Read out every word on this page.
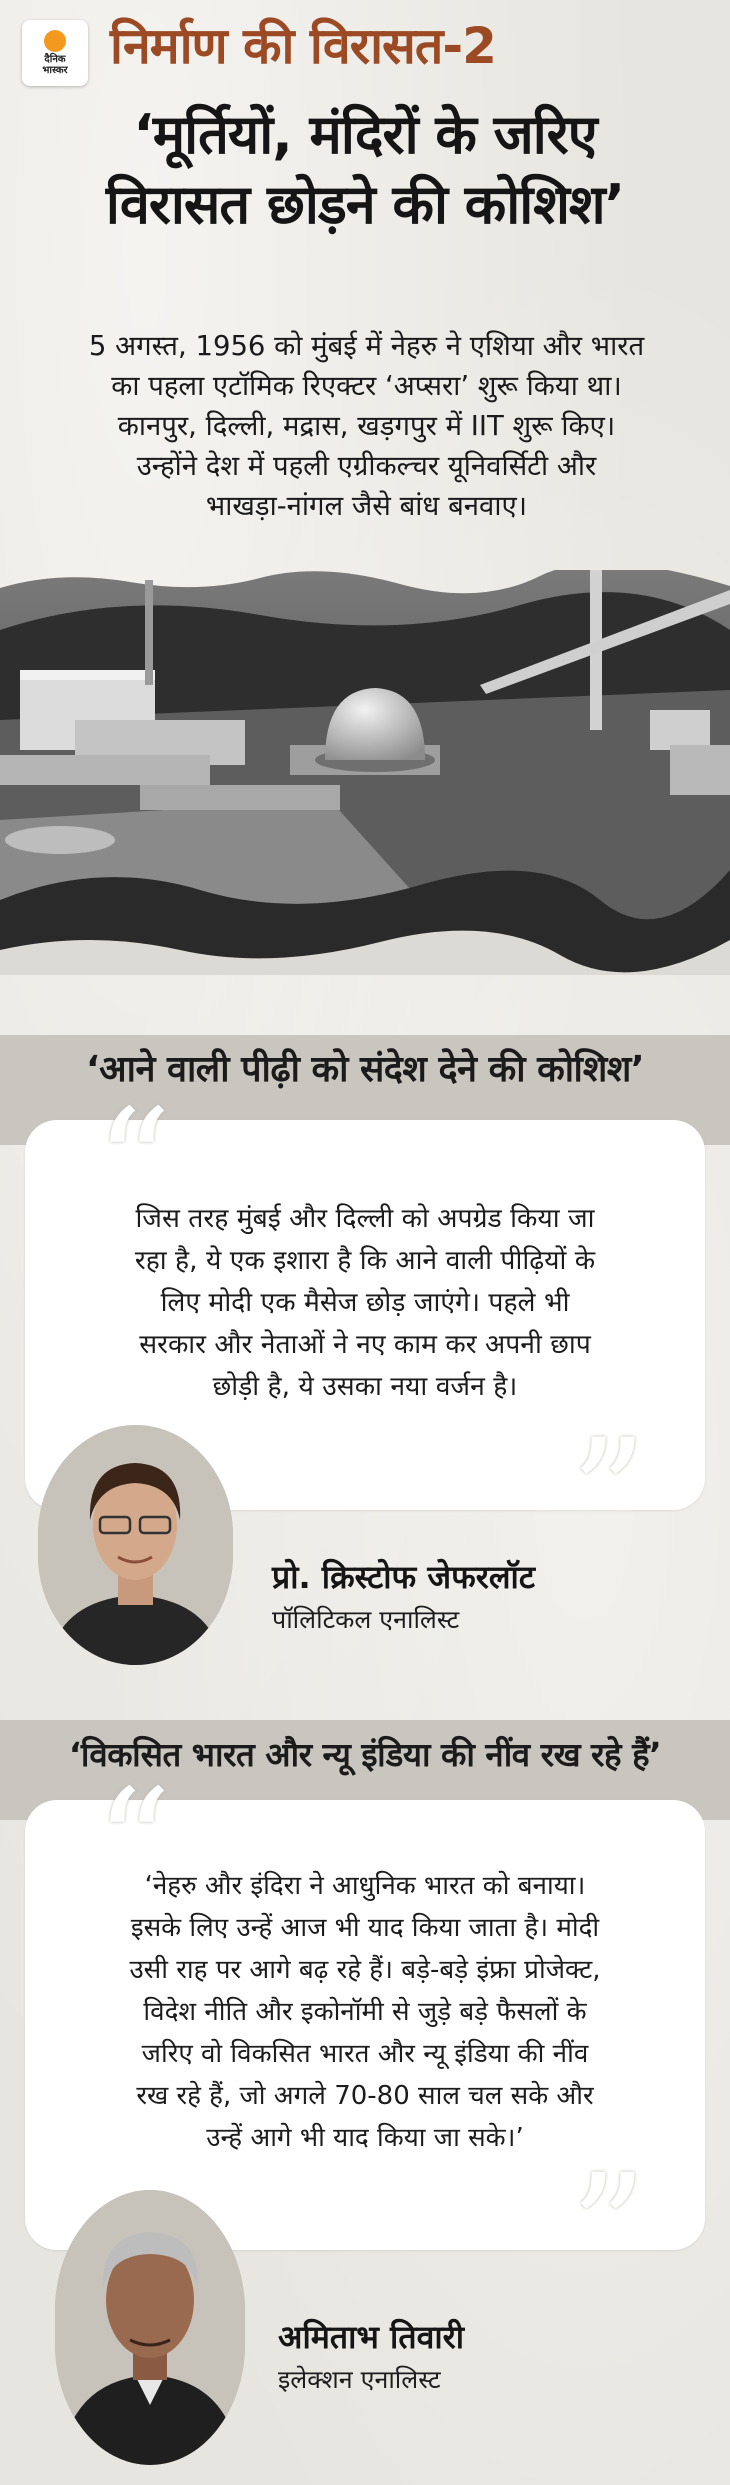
दैनिक
भास्कर निर्माण की विरासत-2
‘मूर्तियों, मंदिरों के जरिए
विरासत छोड़ने की कोशिश’
5 अगस्त, 1956 को मुंबई में नेहरु ने एशिया और भारत
का पहला एटॉमिक रिएक्टर ‘अप्सरा’ शुरू किया था।
कानपुर, दिल्ली, मद्रास, खड़गपुर में IIT शुरू किए।
उन्होंने देश में पहली एग्रीकल्चर यूनिवर्सिटी और
भाखड़ा-नांगल जैसे बांध बनवाए।
‘आने वाली पीढ़ी को संदेश देने की कोशिश’
“
जिस तरह मुंबई और दिल्ली को अपग्रेड किया जा
रहा है, ये एक इशारा है कि आने वाली पीढ़ियों के
लिए मोदी एक मैसेज छोड़ जाएंगे। पहले भी
सरकार और नेताओं ने नए काम कर अपनी छाप
छोड़ी है, ये उसका नया वर्जन है।
”
प्रो. क्रिस्टोफ जेफरलॉट
पॉलिटिकल एनालिस्ट
‘विकसित भारत और न्यू इंडिया की नींव रख रहे हैं’
“
‘नेहरु और इंदिरा ने आधुनिक भारत को बनाया।
इसके लिए उन्हें आज भी याद किया जाता है। मोदी
उसी राह पर आगे बढ़ रहे हैं। बड़े-बड़े इंफ्रा प्रोजेक्ट,
विदेश नीति और इकोनॉमी से जुड़े बड़े फैसलों के
जरिए वो विकसित भारत और न्यू इंडिया की नींव
रख रहे हैं, जो अगले 70-80 साल चल सके और
उन्हें आगे भी याद किया जा सके।’
”
अमिताभ तिवारी
इलेक्शन एनालिस्ट
